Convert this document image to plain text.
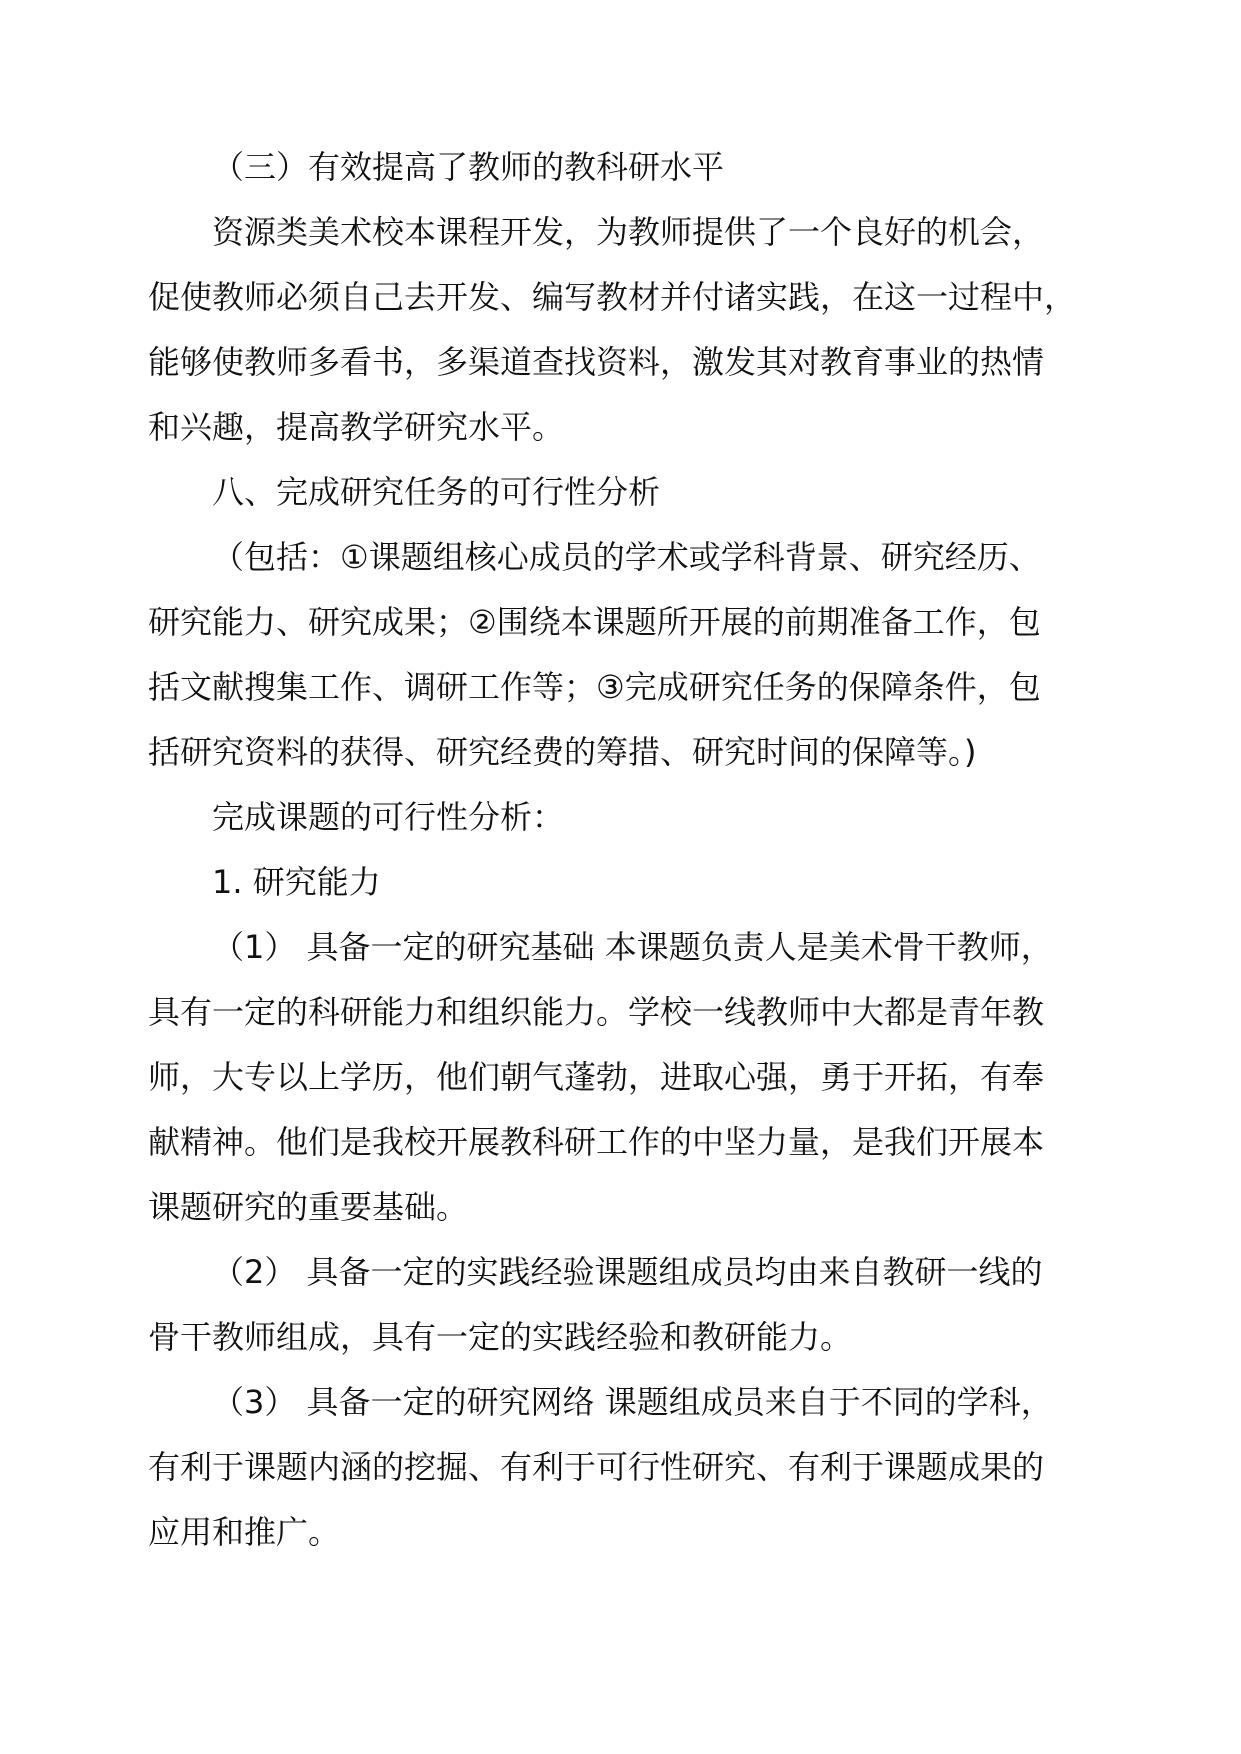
（三）有效提高了教师的教科研水平
资源类美术校本课程开发，为教师提供了一个良好的机会，
促使教师必须自己去开发、编写教材并付诸实践，在这一过程中，
能够使教师多看书，多渠道查找资料，激发其对教育事业的热情
和兴趣，提高教学研究水平。
八、完成研究任务的可行性分析
（包括：①课题组核心成员的学术或学科背景、研究经历、
研究能力、研究成果；②围绕本课题所开展的前期准备工作，包
括文献搜集工作、调研工作等；③完成研究任务的保障条件，包
括研究资料的获得、研究经费的筹措、研究时间的保障等。)
完成课题的可行性分析：
1. 研究能力
（1） 具备一定的研究基础 本课题负责人是美术骨干教师，
具有一定的科研能力和组织能力。学校一线教师中大都是青年教
师，大专以上学历，他们朝气蓬勃，进取心强，勇于开拓，有奉
献精神。他们是我校开展教科研工作的中坚力量，是我们开展本
课题研究的重要基础。
（2） 具备一定的实践经验课题组成员均由来自教研一线的
骨干教师组成，具有一定的实践经验和教研能力。
（3） 具备一定的研究网络 课题组成员来自于不同的学科，
有利于课题内涵的挖掘、有利于可行性研究、有利于课题成果的
应用和推广。
